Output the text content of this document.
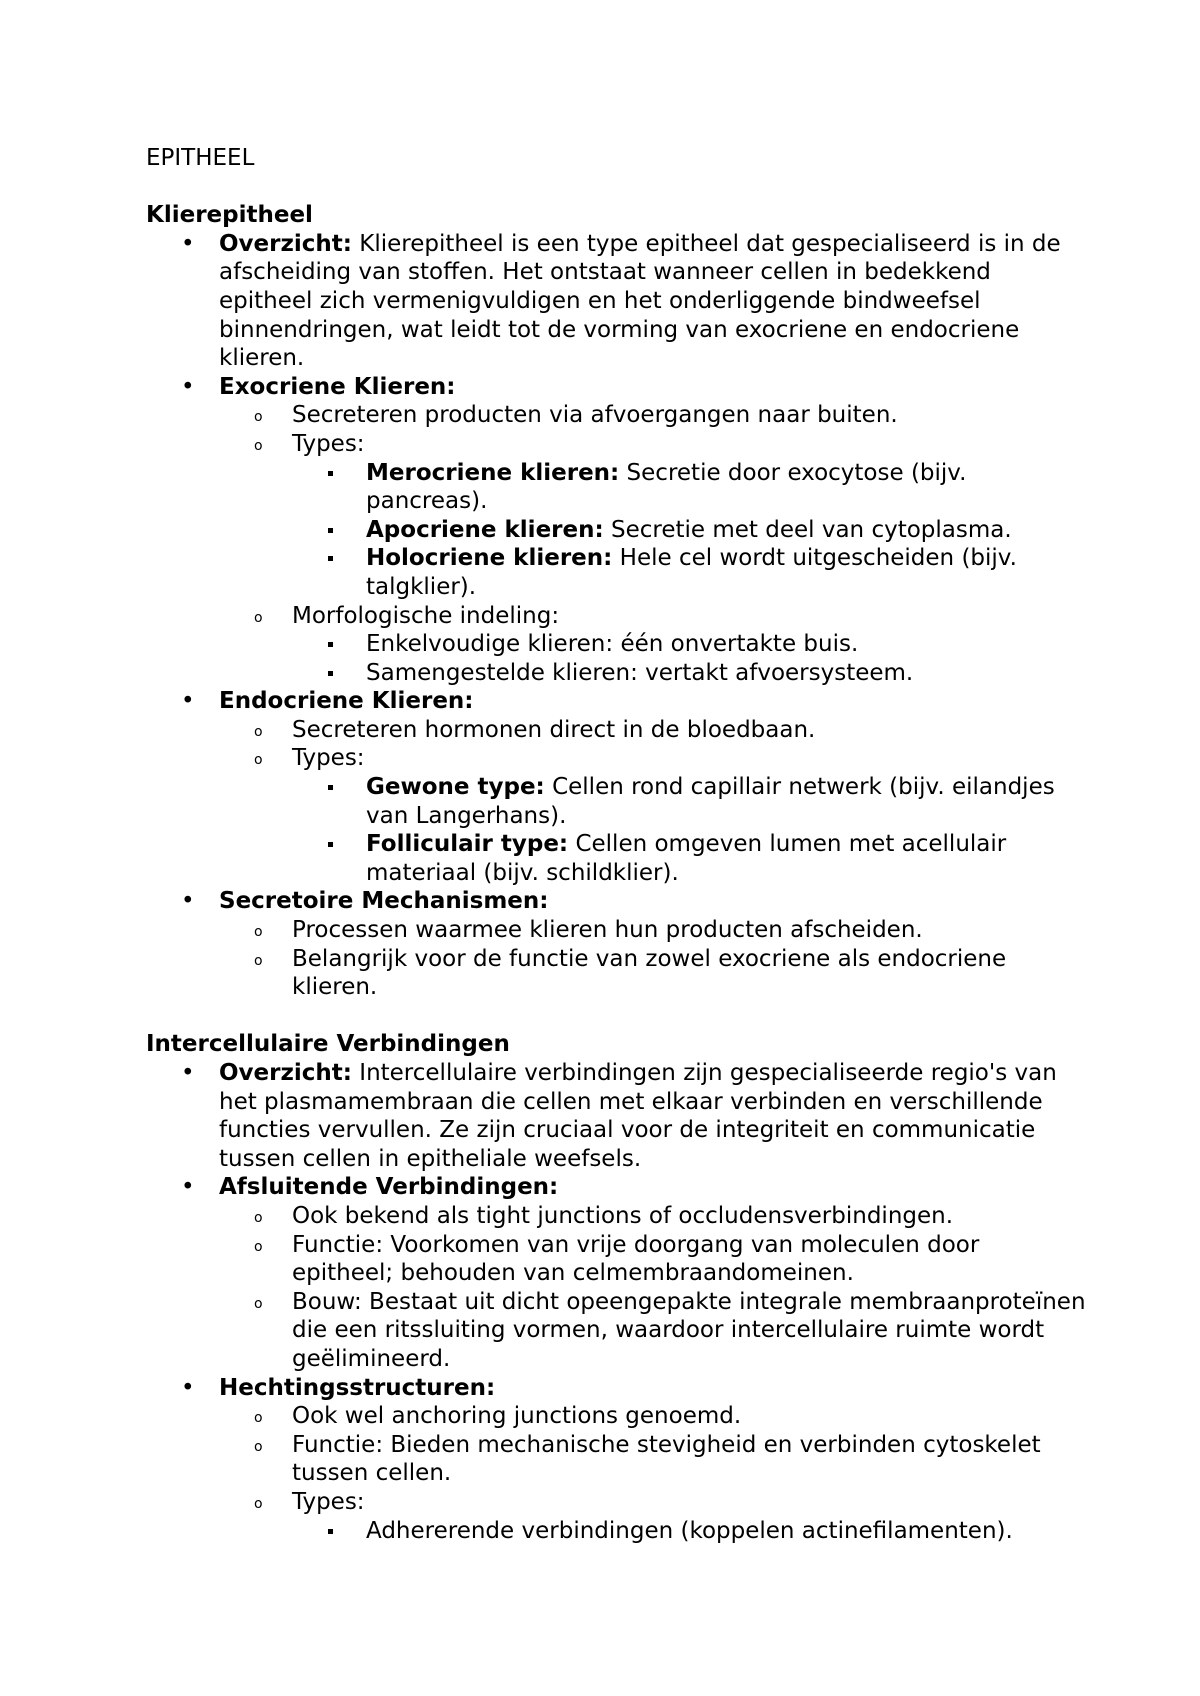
EPITHEEL
Klierepitheel
• Overzicht: Klierepitheel is een type epitheel dat gespecialiseerd is in de afscheiding van stoffen. Het ontstaat wanneer cellen in bedekkend epitheel zich vermenigvuldigen en het onderliggende bindweefsel binnendringen, wat leidt tot de vorming van exocriene en endocriene klieren.
• Exocriene Klieren:
o Secreteren producten via afvoergangen naar buiten.
o Types:
Merocriene klieren: Secretie door exocytose (bijv. pancreas).
Apocriene klieren: Secretie met deel van cytoplasma.
Holocriene klieren: Hele cel wordt uitgescheiden (bijv. talgklier).
o Morfologische indeling:
Enkelvoudige klieren: één onvertakte buis.
Samengestelde klieren: vertakt afvoersysteem.
• Endocriene Klieren:
o Secreteren hormonen direct in de bloedbaan.
o Types:
Gewone type: Cellen rond capillair netwerk (bijv. eilandjes van Langerhans).
Folliculair type: Cellen omgeven lumen met acellulair materiaal (bijv. schildklier).
• Secretoire Mechanismen:
o Processen waarmee klieren hun producten afscheiden.
o Belangrijk voor de functie van zowel exocriene als endocriene klieren.
Intercellulaire Verbindingen
• Overzicht: Intercellulaire verbindingen zijn gespecialiseerde regio's van het plasmamembraan die cellen met elkaar verbinden en verschillende functies vervullen. Ze zijn cruciaal voor de integriteit en communicatie tussen cellen in epitheliale weefsels.
• Afsluitende Verbindingen:
o Ook bekend als tight junctions of occludensverbindingen.
o Functie: Voorkomen van vrije doorgang van moleculen door epitheel; behouden van celmembraandomeinen.
o Bouw: Bestaat uit dicht opeengepakte integrale membraanproteïnen die een ritssluiting vormen, waardoor intercellulaire ruimte wordt geëlimineerd.
• Hechtingsstructuren:
o Ook wel anchoring junctions genoemd.
o Functie: Bieden mechanische stevigheid en verbinden cytoskelet tussen cellen.
o Types:
Adhererende verbindingen (koppelen actinefilamenten).
